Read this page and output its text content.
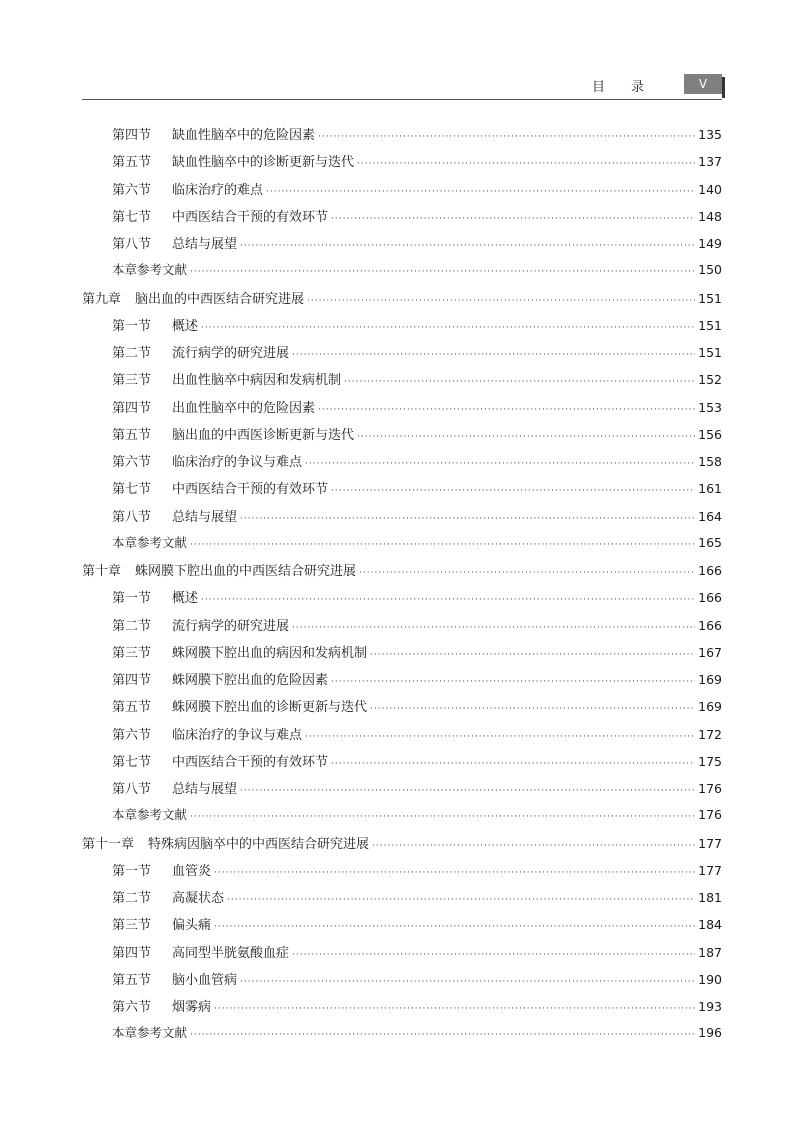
目录	V
第四节	缺血性脑卒中的危险因素 ·····	135
第五节	缺血性脑卒中的诊断更新与迭代 ·····	137
第六节	临床治疗的难点 ·····	140
第七节	中西医结合干预的有效环节 ·····	148
第八节	总结与展望 ·····	149
本章参考文献 ·····	150
第九章 脑出血的中西医结合研究进展 ·····	151
第一节	概述 ·····	151
第二节	流行病学的研究进展 ·····	151
第三节	出血性脑卒中病因和发病机制 ·····	152
第四节	出血性脑卒中的危险因素 ·····	153
第五节	脑出血的中西医诊断更新与迭代 ·····	156
第六节	临床治疗的争议与难点 ·····	158
第七节	中西医结合干预的有效环节 ·····	161
第八节	总结与展望 ·····	164
本章参考文献 ·····	165
第十章 蛛网膜下腔出血的中西医结合研究进展 ·····	166
第一节	概述 ·····	166
第二节	流行病学的研究进展 ·····	166
第三节	蛛网膜下腔出血的病因和发病机制 ·····	167
第四节	蛛网膜下腔出血的危险因素 ·····	169
第五节	蛛网膜下腔出血的诊断更新与迭代 ·····	169
第六节	临床治疗的争议与难点 ·····	172
第七节	中西医结合干预的有效环节 ·····	175
第八节	总结与展望 ·····	176
本章参考文献 ·····	176
第十一章 特殊病因脑卒中的中西医结合研究进展 ·····	177
第一节	血管炎 ·····	177
第二节	高凝状态 ·····	181
第三节	偏头痛 ·····	184
第四节	高同型半胱氨酸血症 ·····	187
第五节	脑小血管病 ·····	190
第六节	烟雾病 ·····	193
本章参考文献 ·····	196
